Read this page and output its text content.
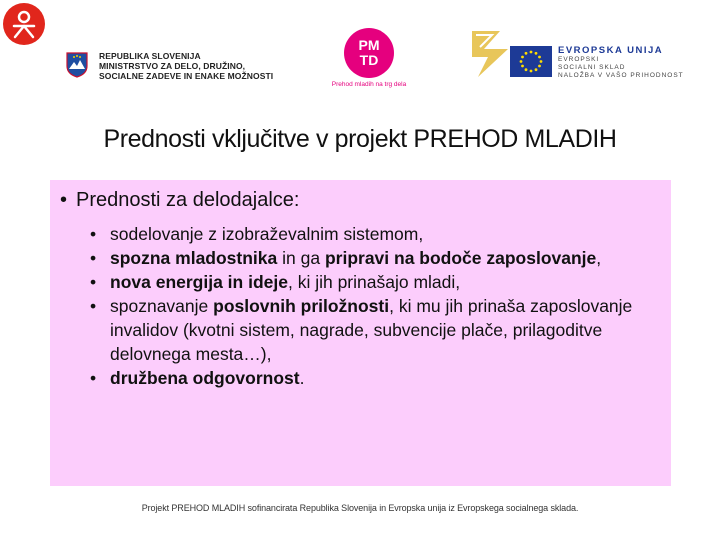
REPUBLIKA SLOVENIJA
MINISTRSTVO ZA DELO, DRUŽINO,
SOCIALNE ZADEVE IN ENAKE MOŽNOSTI
PM
TD
Prehod mladih na trg dela
EVROPSKA UNIJA
EVROPSKI
SOCIALNI SKLAD
NALOŽBA V VAŠO PRIHODNOST
Prednosti vključitve v projekt PREHOD MLADIH
• Prednosti za delodajalce:
• sodelovanje z izobraževalnim sistemom,
• spozna mladostnika in ga pripravi na bodoče zaposlovanje,
• nova energija in ideje, ki jih prinašajo mladi,
• spoznavanje poslovnih priložnosti, ki mu jih prinaša zaposlovanje invalidov (kvotni sistem, nagrade, subvencije plače, prilagoditve delovnega mesta…),
• družbena odgovornost.
Projekt PREHOD MLADIH sofinancirata Republika Slovenija in Evropska unija iz Evropskega socialnega sklada.
